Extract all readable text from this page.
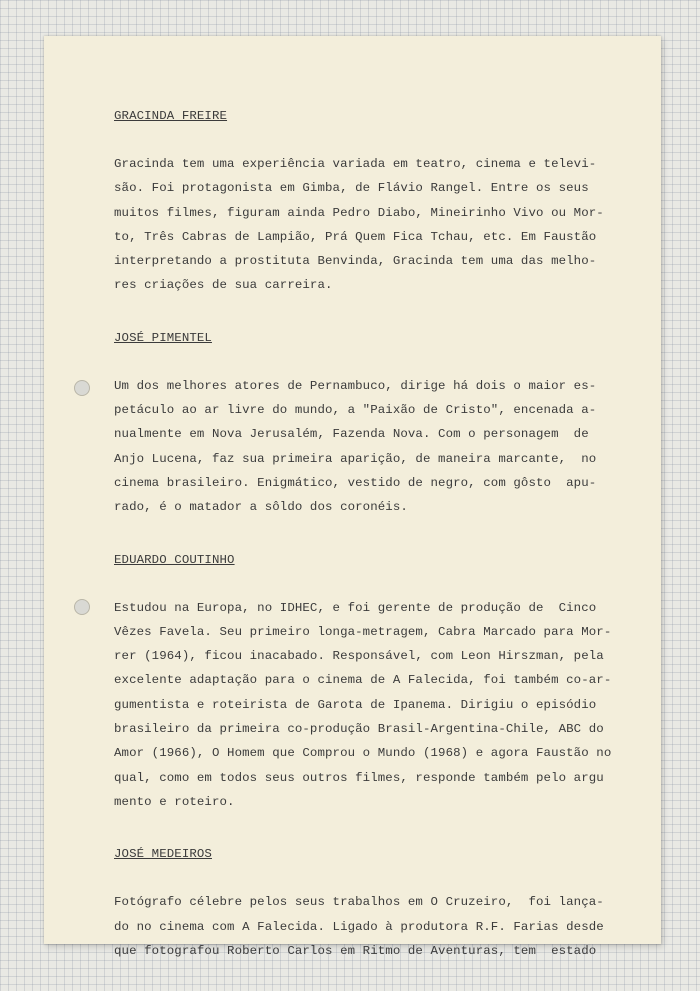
GRACINDA FREIRE
Gracinda tem uma experiência variada em teatro, cinema e televi-
são. Foi protagonista em Gimba, de Flávio Rangel. Entre os seus
muitos filmes, figuram ainda Pedro Diabo, Mineirinho Vivo ou Mor-
to, Três Cabras de Lampião, Prá Quem Fica Tchau, etc. Em Faustão
interpretando a prostituta Benvinda, Gracinda tem uma das melho-
res criações de sua carreira.
JOSÉ PIMENTEL
Um dos melhores atores de Pernambuco, dirige há dois o maior es-
petáculo ao ar livre do mundo, a "Paixão de Cristo", encenada a-
nualmente em Nova Jerusalém, Fazenda Nova. Com o personagem  de
Anjo Lucena, faz sua primeira aparição, de maneira marcante,  no
cinema brasileiro. Enigmático, vestido de negro, com gôsto  apu-
rado, é o matador a sôldo dos coronéis.
EDUARDO COUTINHO
Estudou na Europa, no IDHEC, e foi gerente de produção de  Cinco
Vêzes Favela. Seu primeiro longa-metragem, Cabra Marcado para Mor-
rer (1964), ficou inacabado. Responsável, com Leon Hirszman, pela
excelente adaptação para o cinema de A Falecida, foi também co-ar-
gumentista e roteirista de Garota de Ipanema. Dirigiu o episódio
brasileiro da primeira co-produção Brasil-Argentina-Chile, ABC do
Amor (1966), O Homem que Comprou o Mundo (1968) e agora Faustão no
qual, como em todos seus outros filmes, responde também pelo argu
mento e roteiro.
JOSÉ MEDEIROS
Fotógrafo célebre pelos seus trabalhos em O Cruzeiro,  foi lança-
do no cinema com A Falecida. Ligado à produtora R.F. Farias desde
que fotografou Roberto Carlos em Ritmo de Aventuras, tem  estado
